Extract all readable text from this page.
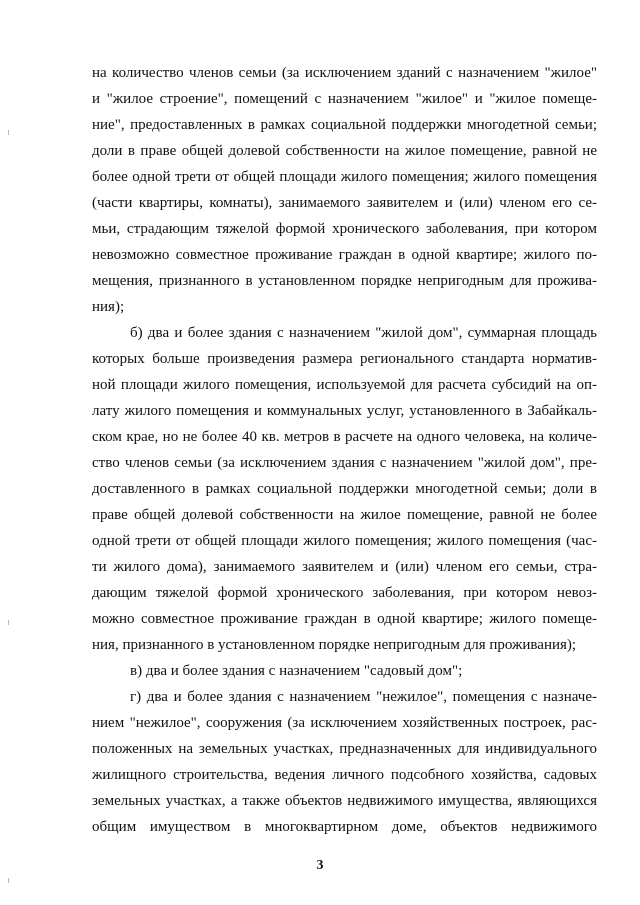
на количество членов семьи (за исключением зданий с назначением "жилое"
и "жилое строение", помещений с назначением "жилое" и "жилое помеще-
ние", предоставленных в рамках социальной поддержки многодетной семьи;
доли в праве общей долевой собственности на жилое помещение, равной не
более одной трети от общей площади жилого помещения; жилого помещения
(части квартиры, комнаты), занимаемого заявителем и (или) членом его се-
мьи, страдающим тяжелой формой хронического заболевания, при котором
невозможно совместное проживание граждан в одной квартире; жилого по-
мещения, признанного в установленном порядке непригодным для прожива-
ния);
б) два и более здания с назначением "жилой дом", суммарная площадь
которых больше произведения размера регионального стандарта норматив-
ной площади жилого помещения, используемой для расчета субсидий на оп-
лату жилого помещения и коммунальных услуг, установленного в Забайкаль-
ском крае, но не более 40 кв. метров в расчете на одного человека, на количе-
ство членов семьи (за исключением здания с назначением "жилой дом", пре-
доставленного в рамках социальной поддержки многодетной семьи; доли в
праве общей долевой собственности на жилое помещение, равной не более
одной трети от общей площади жилого помещения; жилого помещения (час-
ти жилого дома), занимаемого заявителем и (или) членом его семьи, стра-
дающим тяжелой формой хронического заболевания, при котором невоз-
можно совместное проживание граждан в одной квартире; жилого помеще-
ния, признанного в установленном порядке непригодным для проживания);
в) два и более здания с назначением "садовый дом";
г) два и более здания с назначением "нежилое", помещения с назначе-
нием "нежилое", сооружения (за исключением хозяйственных построек, рас-
положенных на земельных участках, предназначенных для индивидуального
жилищного строительства, ведения личного подсобного хозяйства, садовых
земельных участках, а также объектов недвижимого имущества, являющихся
общим имуществом в многоквартирном доме, объектов недвижимого
3
